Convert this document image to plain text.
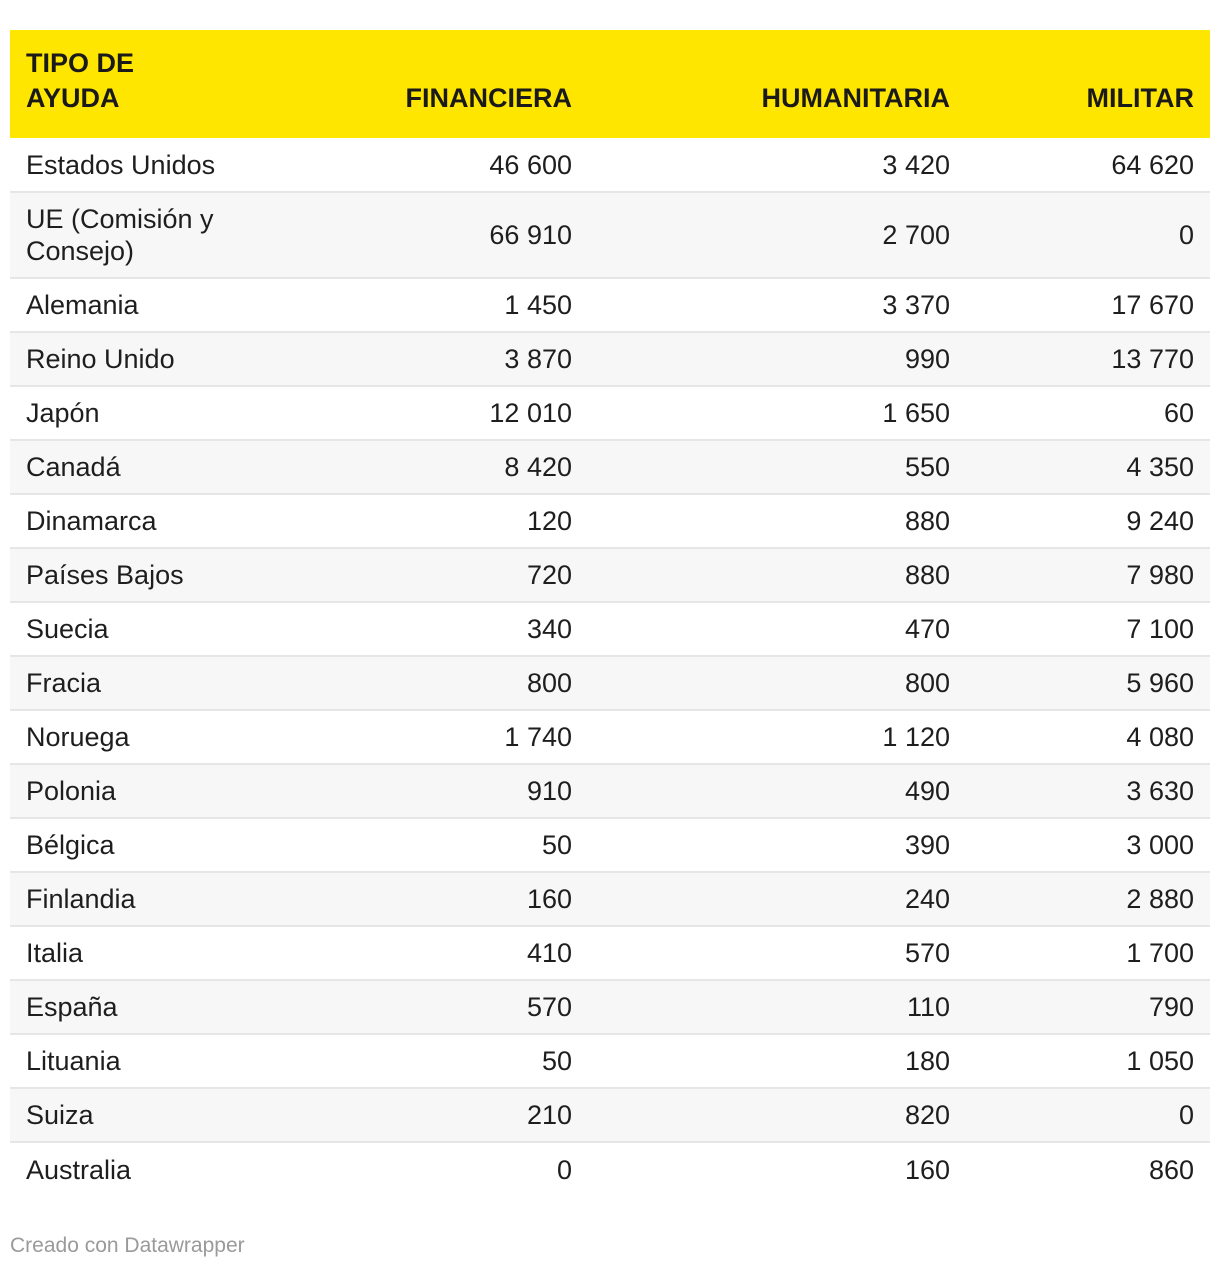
TIPO DE AYUDA	FINANCIERA	HUMANITARIA	MILITAR
Estados Unidos	46 600	3 420	64 620
UE (Comisión y Consejo)	66 910	2 700	0
Alemania	1 450	3 370	17 670
Reino Unido	3 870	990	13 770
Japón	12 010	1 650	60
Canadá	8 420	550	4 350
Dinamarca	120	880	9 240
Países Bajos	720	880	7 980
Suecia	340	470	7 100
Fracia	800	800	5 960
Noruega	1 740	1 120	4 080
Polonia	910	490	3 630
Bélgica	50	390	3 000
Finlandia	160	240	2 880
Italia	410	570	1 700
España	570	110	790
Lituania	50	180	1 050
Suiza	210	820	0
Australia	0	160	860
Creado con Datawrapper
